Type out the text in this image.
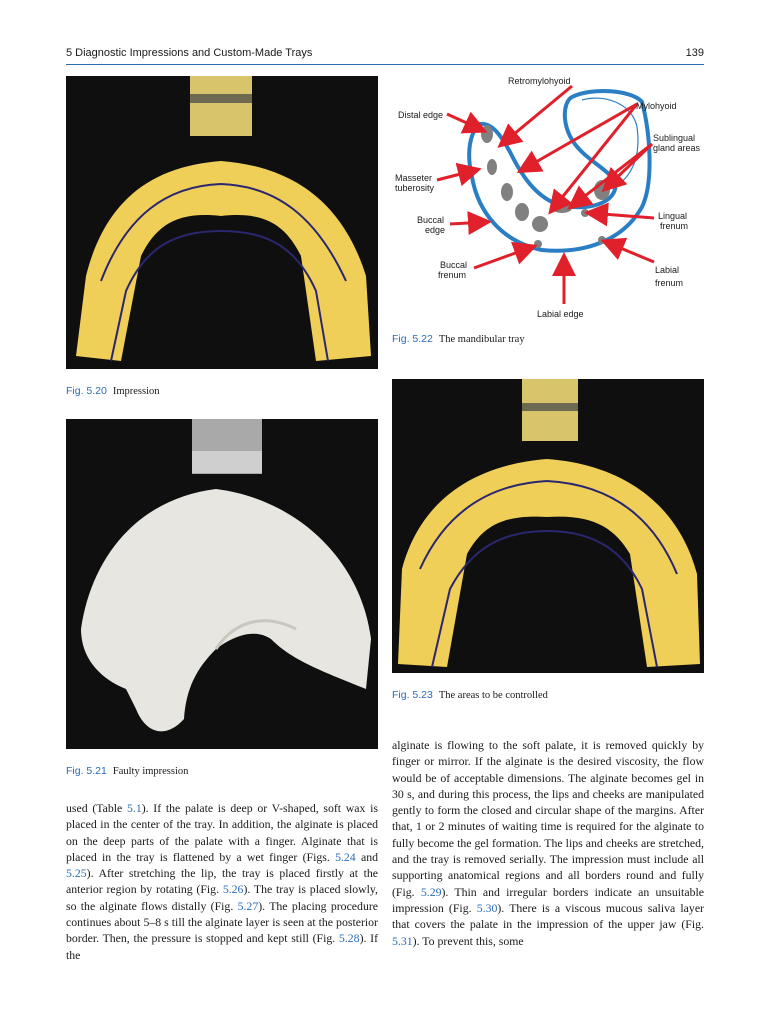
5 Diagnostic Impressions and Custom-Made Trays	139
Fig. 5.20 Impression
Fig. 5.21 Faulty impression
Retromylohyoid
Mylohyoid
Distal edge
Sublingual
gland areas
Masseter
tuberosity
Lingual
frenum
Buccal
edge
Buccal
frenum	Labial
frenum
Labial edge
Fig. 5.22 The mandibular tray
Fig. 5.23 The areas to be controlled

used (Table 5.1). If the palate is deep or V-shaped, soft wax is placed in the center of the tray. In addition, the alginate is placed on the deep parts of the palate with a finger. Alginate that is placed in the tray is flattened by a wet finger (Figs. 5.24 and 5.25). After stretching the lip, the tray is placed firstly at the anterior region by rotating (Fig. 5.26). The tray is placed slowly, so the alginate flows distally (Fig. 5.27). The placing procedure continues about 5–8 s till the alginate layer is seen at the posterior border. Then, the pressure is stopped and kept still (Fig. 5.28). If the

alginate is flowing to the soft palate, it is removed quickly by finger or mirror. If the alginate is the desired viscosity, the flow would be of acceptable dimensions. The alginate becomes gel in 30 s, and during this process, the lips and cheeks are manipulated gently to form the closed and circular shape of the margins. After that, 1 or 2 minutes of waiting time is required for the alginate to fully become the gel formation. The lips and cheeks are stretched, and the tray is removed serially. The impression must include all supporting anatomical regions and all borders round and fully (Fig. 5.29). Thin and irregular borders indicate an unsuitable impression (Fig. 5.30). There is a viscous mucous saliva layer that covers the palate in the impression of the upper jaw (Fig. 5.31). To prevent this, some
